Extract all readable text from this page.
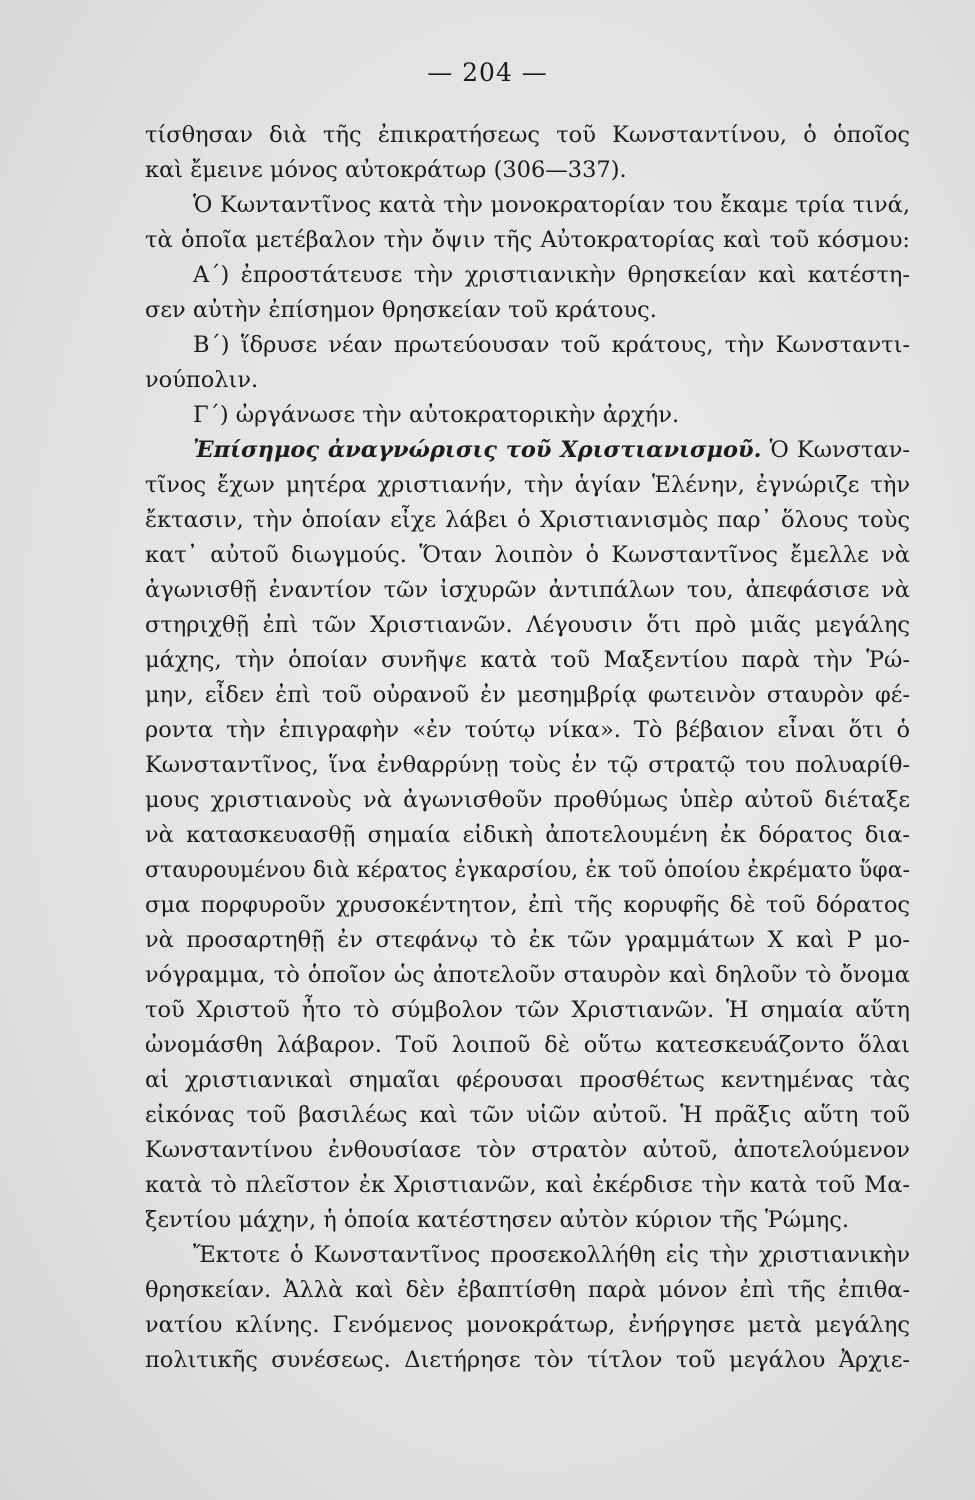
— 204 —
τίσθησαν διὰ τῆς ἐπικρατήσεως τοῦ Κωνσταντίνου, ὁ ὁποῖος
καὶ ἔμεινε μόνος αὐτοκράτωρ (306—337).
Ὁ Κωνταντῖνος κατὰ τὴν μονοκρατορίαν του ἔκαμε τρία τινά,
τὰ ὁποῖα μετέβαλον τὴν ὄψιν τῆς Αὐτοκρατορίας καὶ τοῦ κόσμου:
Α΄) ἐπροστάτευσε τὴν χριστιανικὴν θρησκείαν καὶ κατέστη-
σεν αὐτὴν ἐπίσημον θρησκείαν τοῦ κράτους.
Β΄) ἵδρυσε νέαν πρωτεύουσαν τοῦ κράτους, τὴν Κωνσταντι-
νούπολιν.
Γ΄) ὠργάνωσε τὴν αὐτοκρατορικὴν ἀρχήν.
Ἐπίσημος ἀναγνώρισις τοῦ Χριστιανισμοῦ. Ὁ Κωνσταν-
τῖνος ἔχων μητέρα χριστιανήν, τὴν ἁγίαν Ἑλένην, ἐγνώριζε τὴν
ἔκτασιν, τὴν ὁποίαν εἶχε λάβει ὁ Χριστιανισμὸς παρ᾽ ὅλους τοὺς
κατ᾽ αὐτοῦ διωγμούς. Ὅταν λοιπὸν ὁ Κωνσταντῖνος ἔμελλε νὰ
ἀγωνισθῇ ἐναντίον τῶν ἰσχυρῶν ἀντιπάλων του, ἀπεφάσισε νὰ
στηριχθῇ ἐπὶ τῶν Χριστιανῶν. Λέγουσιν ὅτι πρὸ μιᾶς μεγάλης
μάχης, τὴν ὁποίαν συνῆψε κατὰ τοῦ Μαξεντίου παρὰ τὴν Ῥώ-
μην, εἶδεν ἐπὶ τοῦ οὐρανοῦ ἐν μεσημβρίᾳ φωτεινὸν σταυρὸν φέ-
ροντα τὴν ἐπιγραφὴν «ἐν τούτῳ νίκα». Τὸ βέβαιον εἶναι ὅτι ὁ
Κωνσταντῖνος, ἵνα ἐνθαρρύνῃ τοὺς ἐν τῷ στρατῷ του πολυαρίθ-
μους χριστιανοὺς νὰ ἀγωνισθοῦν προθύμως ὑπὲρ αὐτοῦ διέταξε
νὰ κατασκευασθῇ σημαία εἰδικὴ ἀποτελουμένη ἐκ δόρατος δια-
σταυρουμένου διὰ κέρατος ἐγκαρσίου, ἐκ τοῦ ὁποίου ἐκρέματο ὕφα-
σμα πορφυροῦν χρυσοκέντητον, ἐπὶ τῆς κορυφῆς δὲ τοῦ δόρατος
νὰ προσαρτηθῇ ἐν στεφάνῳ τὸ ἐκ τῶν γραμμάτων Χ καὶ Ρ μο-
νόγραμμα, τὸ ὁποῖον ὡς ἀποτελοῦν σταυρὸν καὶ δηλοῦν τὸ ὄνομα
τοῦ Χριστοῦ ἦτο τὸ σύμβολον τῶν Χριστιανῶν. Ἡ σημαία αὕτη
ὠνομάσθη λάβαρον. Τοῦ λοιποῦ δὲ οὕτω κατεσκευάζοντο ὅλαι
αἱ χριστιανικαὶ σημαῖαι φέρουσαι προσθέτως κεντημένας τὰς
εἰκόνας τοῦ βασιλέως καὶ τῶν υἱῶν αὐτοῦ. Ἡ πρᾶξις αὕτη τοῦ
Κωνσταντίνου ἐνθουσίασε τὸν στρατὸν αὐτοῦ, ἀποτελούμενον
κατὰ τὸ πλεῖστον ἐκ Χριστιανῶν, καὶ ἐκέρδισε τὴν κατὰ τοῦ Μα-
ξεντίου μάχην, ἡ ὁποία κατέστησεν αὐτὸν κύριον τῆς Ῥώμης.
Ἔκτοτε ὁ Κωνσταντῖνος προσεκολλήθη εἰς τὴν χριστιανικὴν
θρησκείαν. Ἀλλὰ καὶ δὲν ἐβαπτίσθη παρὰ μόνον ἐπὶ τῆς ἐπιθα-
νατίου κλίνης. Γενόμενος μονοκράτωρ, ἐνήργησε μετὰ μεγάλης
πολιτικῆς συνέσεως. Διετήρησε τὸν τίτλον τοῦ μεγάλου Ἀρχιε-
